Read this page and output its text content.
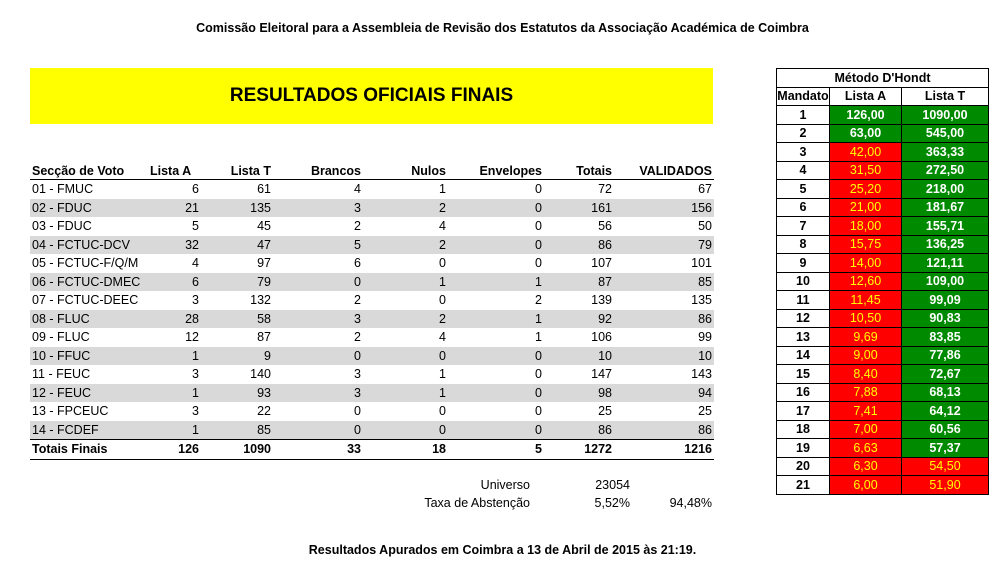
Comissão Eleitoral para a Assembleia de Revisão dos Estatutos da Associação Académica de Coimbra
RESULTADOS OFICIAIS FINAIS
Secção de Voto	Lista A	Lista T	Brancos	Nulos	Envelopes	Totais	VALIDADOS
01 - FMUC	6	61	4	1	0	72	67
02 - FDUC	21	135	3	2	0	161	156
03 - FDUC	5	45	2	4	0	56	50
04 - FCTUC-DCV	32	47	5	2	0	86	79
05 - FCTUC-F/Q/M	4	97	6	0	0	107	101
06 - FCTUC-DMEC	6	79	0	1	1	87	85
07 - FCTUC-DEEC	3	132	2	0	2	139	135
08 - FLUC	28	58	3	2	1	92	86
09 - FLUC	12	87	2	4	1	106	99
10 - FFUC	1	9	0	0	0	10	10
11 - FEUC	3	140	3	1	0	147	143
12 - FEUC	1	93	3	1	0	98	94
13 - FPCEUC	3	22	0	0	0	25	25
14 - FCDEF	1	85	0	0	0	86	86
Totais Finais	126	1090	33	18	5	1272	1216
Universo	23054
Taxa de Abstenção	5,52%	94,48%
Resultados Apurados em Coimbra a 13 de Abril de 2015 às 21:19.
Método D'Hondt		
Mandato	Lista A	Lista T
1	126,00	1090,00
2	63,00	545,00
3	42,00	363,33
4	31,50	272,50
5	25,20	218,00
6	21,00	181,67
7	18,00	155,71
8	15,75	136,25
9	14,00	121,11
10	12,60	109,00
11	11,45	99,09
12	10,50	90,83
13	9,69	83,85
14	9,00	77,86
15	8,40	72,67
16	7,88	68,13
17	7,41	64,12
18	7,00	60,56
19	6,63	57,37
20	6,30	54,50
21	6,00	51,90
